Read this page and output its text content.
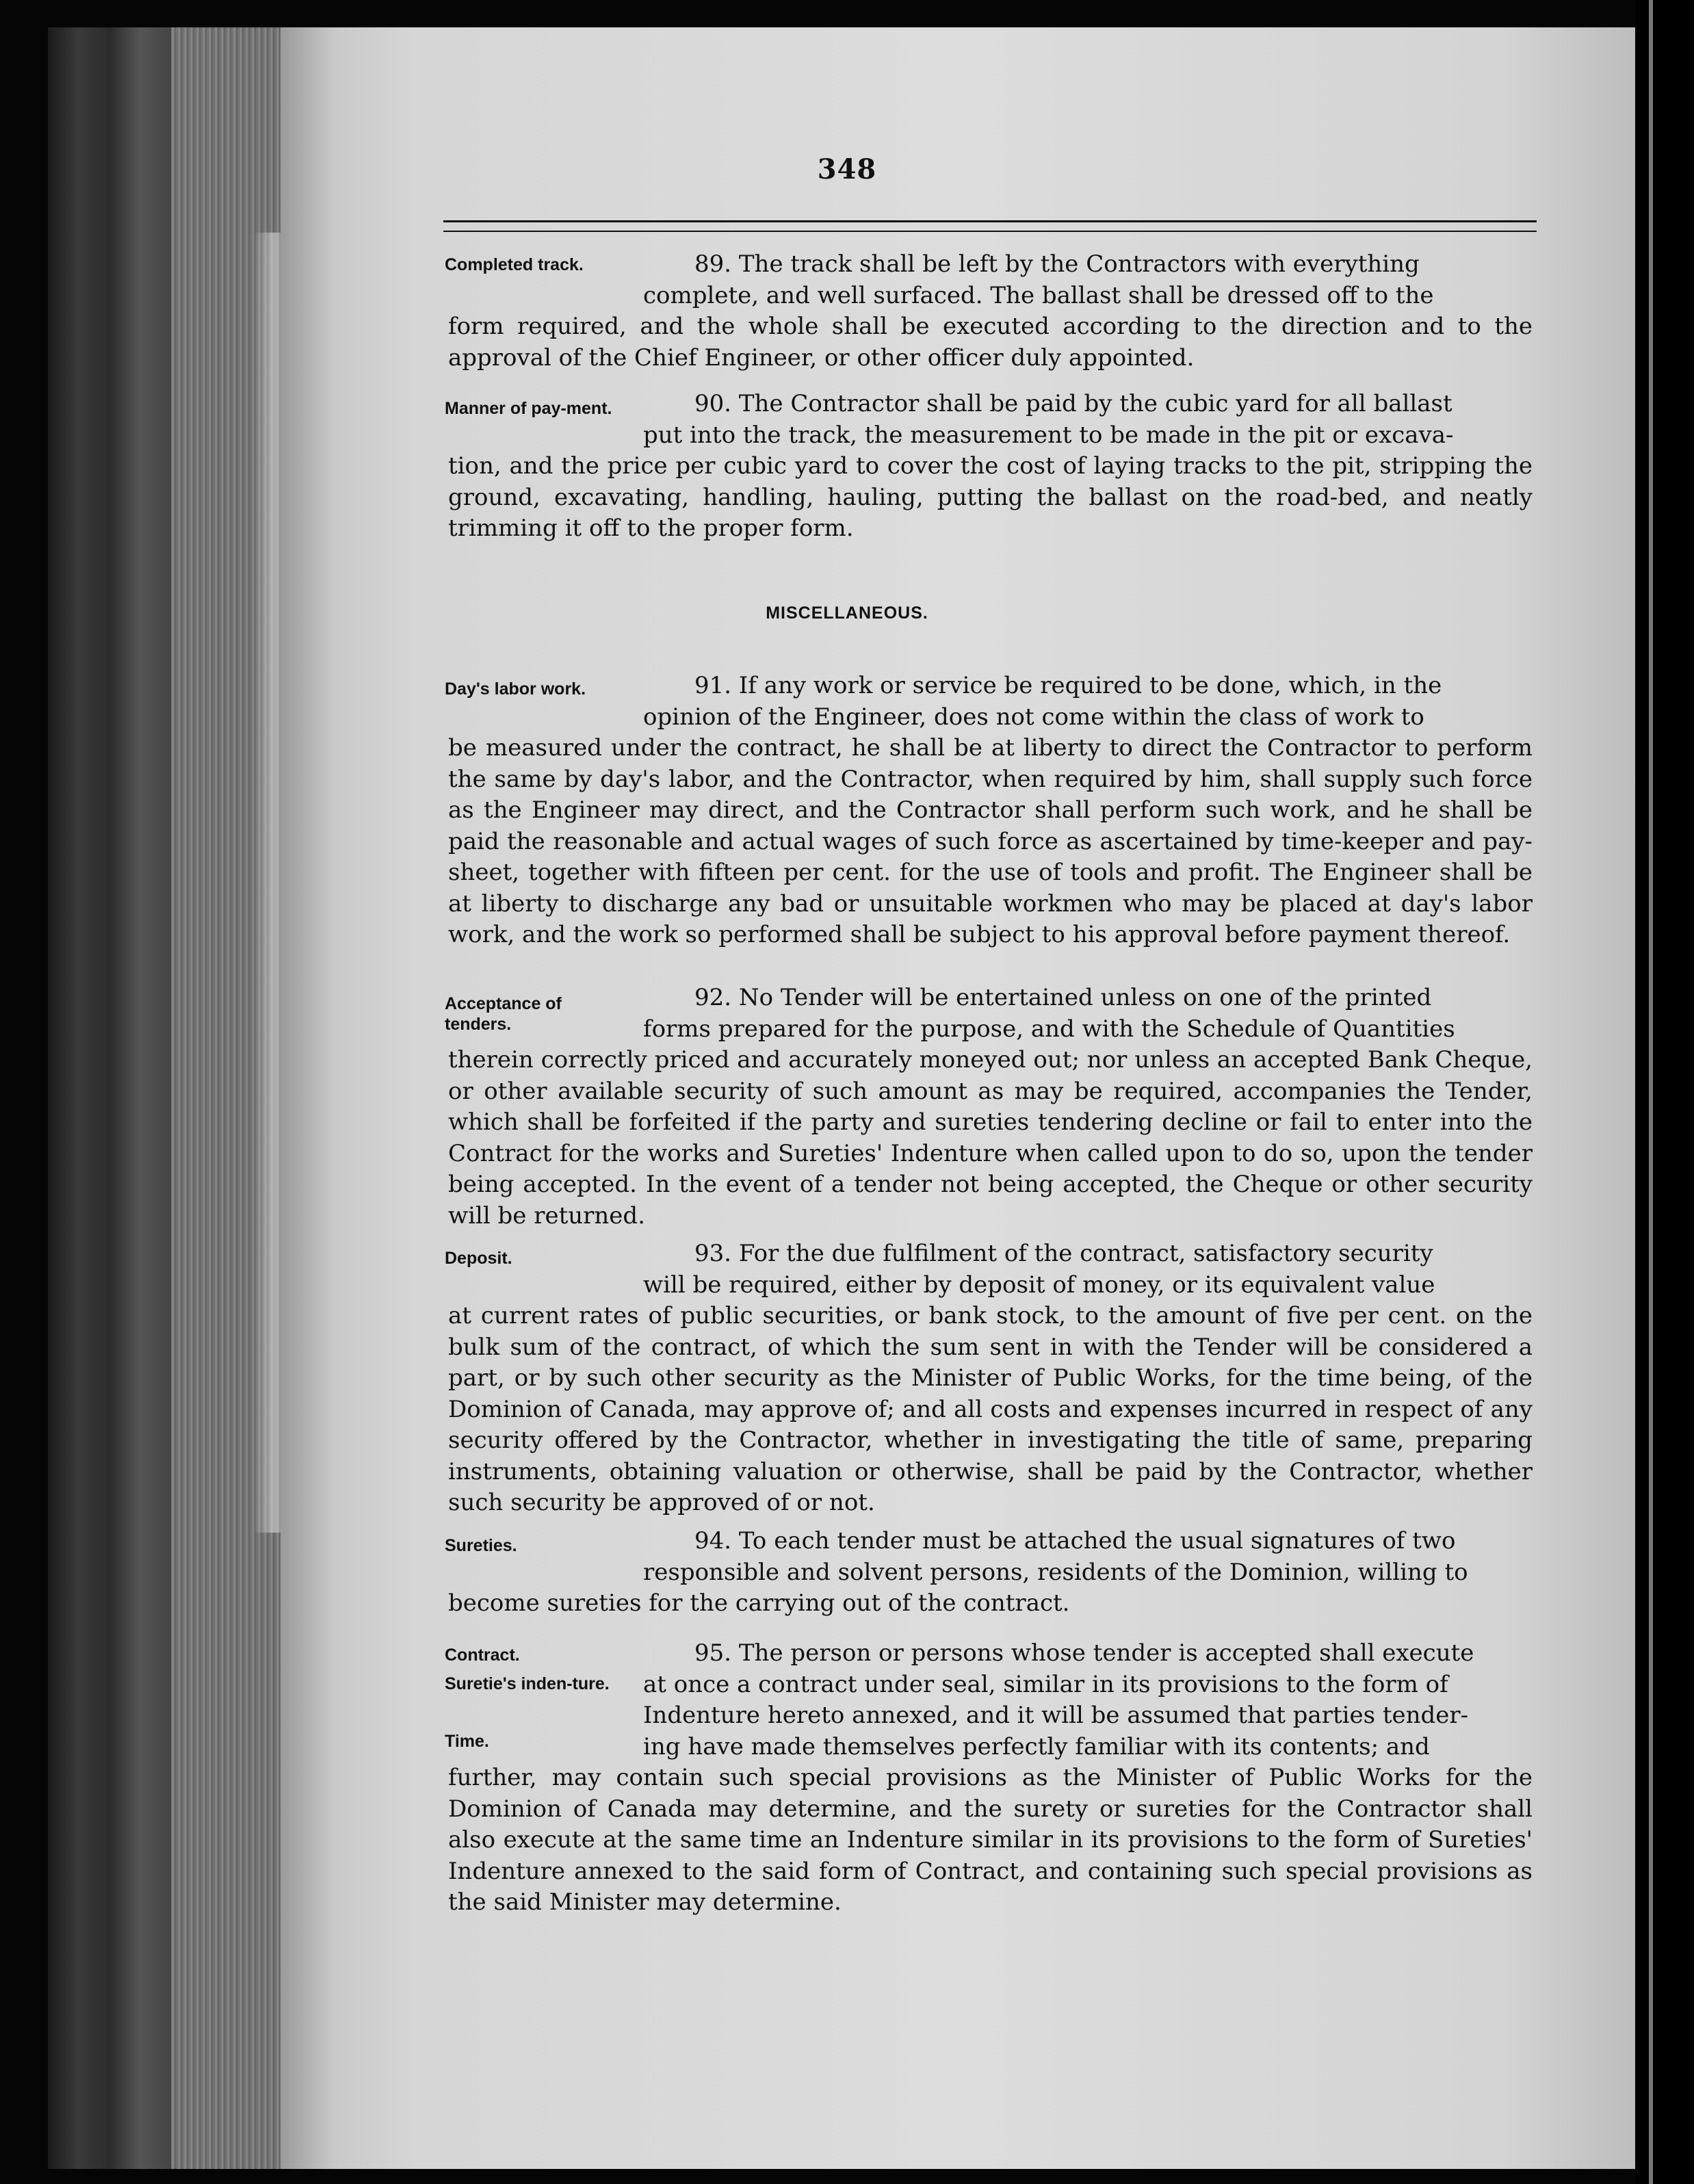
348
Completed track.	89. The track shall be left by the Contractors with everything
complete, and well surfaced. The ballast shall be dressed off to the
form required, and the whole shall be executed according to the direction and to the approval of the Chief Engineer, or other officer duly appointed.
Manner of pay-ment.	90. The Contractor shall be paid by the cubic yard for all ballast
put into the track, the measurement to be made in the pit or excava-
tion, and the price per cubic yard to cover the cost of laying tracks to the pit, stripping the ground, excavating, handling, hauling, putting the ballast on the road-bed, and neatly trimming it off to the proper form.
MISCELLANEOUS.
Day's labor work.	91. If any work or service be required to be done, which, in the
opinion of the Engineer, does not come within the class of work to
be measured under the contract, he shall be at liberty to direct the Contractor to perform the same by day's labor, and the Contractor, when required by him, shall supply such force as the Engineer may direct, and the Contractor shall perform such work, and he shall be paid the reasonable and actual wages of such force as ascertained by time-keeper and pay-sheet, together with fifteen per cent. for the use of tools and profit. The Engineer shall be at liberty to discharge any bad or unsuitable workmen who may be placed at day's labor work, and the work so performed shall be subject to his approval before payment thereof.
Acceptance of tenders.
92. No Tender will be entertained unless on one of the printed
forms prepared for the purpose, and with the Schedule of Quantities
therein correctly priced and accurately moneyed out; nor unless an accepted Bank Cheque, or other available security of such amount as may be required, accompanies the Tender, which shall be forfeited if the party and sureties tendering decline or fail to enter into the Contract for the works and Sureties' Indenture when called upon to do so, upon the tender being accepted. In the event of a tender not being accepted, the Cheque or other security will be returned.
Deposit.	93. For the due fulfilment of the contract, satisfactory security
will be required, either by deposit of money, or its equivalent value
at current rates of public securities, or bank stock, to the amount of five per cent. on the bulk sum of the contract, of which the sum sent in with the Tender will be considered a part, or by such other security as the Minister of Public Works, for the time being, of the Dominion of Canada, may approve of; and all costs and expenses incurred in respect of any security offered by the Contractor, whether in investigating the title of same, preparing instruments, obtaining valuation or otherwise, shall be paid by the Contractor, whether such security be approved of or not.
Sureties.	94. To each tender must be attached the usual signatures of two
responsible and solvent persons, residents of the Dominion, willing to
become sureties for the carrying out of the contract.
Contract.
Suretie's inden-ture.
Time.
95. The person or persons whose tender is accepted shall execute
at once a contract under seal, similar in its provisions to the form of
Indenture hereto annexed, and it will be assumed that parties tender-
ing have made themselves perfectly familiar with its contents; and
further, may contain such special provisions as the Minister of Public Works for the Dominion of Canada may determine, and the surety or sureties for the Contractor shall also execute at the same time an Indenture similar in its provisions to the form of Sureties' Indenture annexed to the said form of Contract, and containing such special provisions as the said Minister may determine.
